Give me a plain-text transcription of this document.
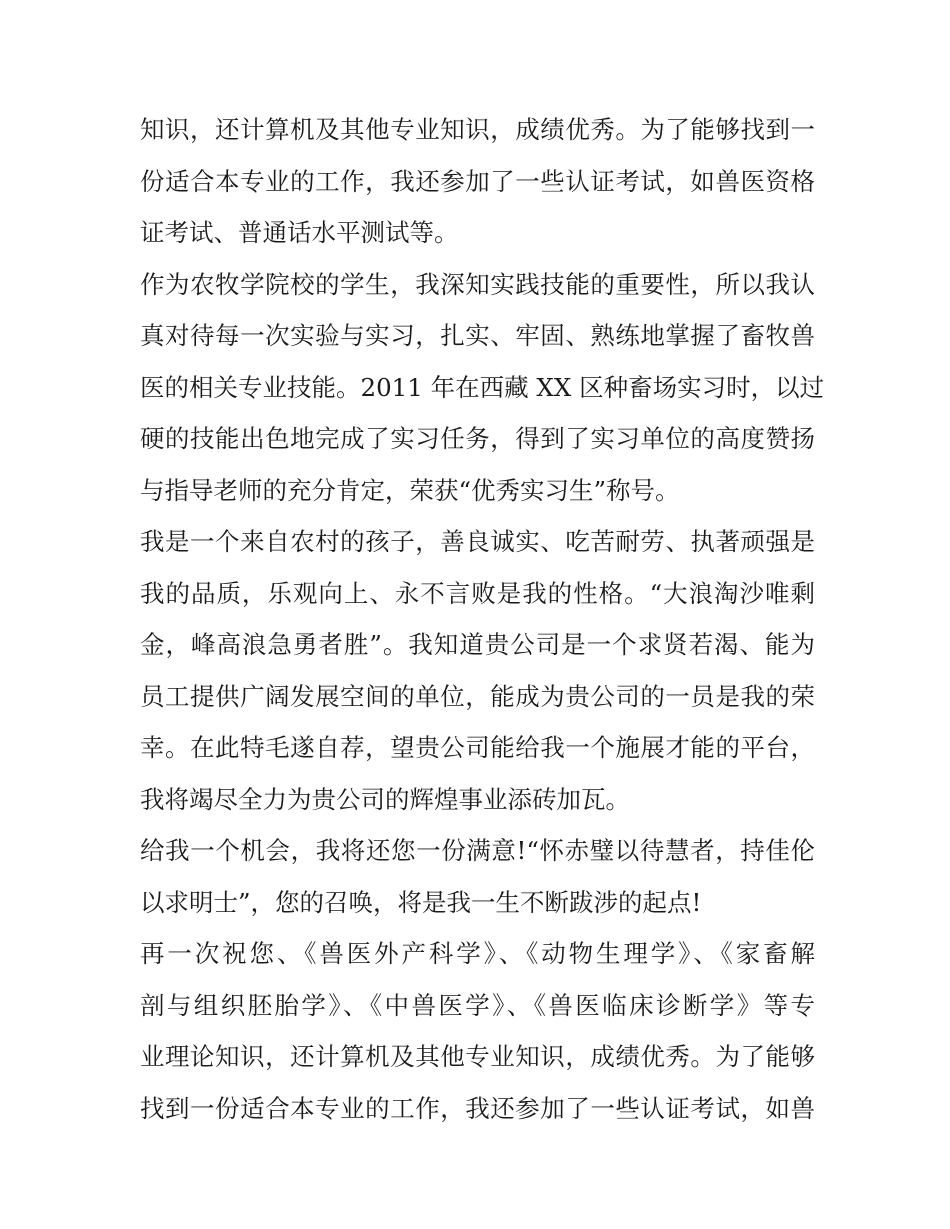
知识，还计算机及其他专业知识，成绩优秀。为了能够找到一
份适合本专业的工作，我还参加了一些认证考试，如兽医资格
证考试、普通话水平测试等。
作为农牧学院校的学生，我深知实践技能的重要性，所以我认
真对待每一次实验与实习，扎实、牢固、熟练地掌握了畜牧兽
医的相关专业技能。2011 年在西藏 XX 区种畜场实习时，以过
硬的技能出色地完成了实习任务，得到了实习单位的高度赞扬
与指导老师的充分肯定，荣获“优秀实习生”称号。
我是一个来自农村的孩子，善良诚实、吃苦耐劳、执著顽强是
我的品质，乐观向上、永不言败是我的性格。“大浪淘沙唯剩
金，峰高浪急勇者胜”。我知道贵公司是一个求贤若渴、能为
员工提供广阔发展空间的单位，能成为贵公司的一员是我的荣
幸。在此特毛遂自荐，望贵公司能给我一个施展才能的平台，
我将竭尽全力为贵公司的辉煌事业添砖加瓦。
给我一个机会，我将还您一份满意!“怀赤璧以待慧者，持佳伦
以求明士”，您的召唤，将是我一生不断跋涉的起点!
再一次祝您、《兽医外产科学》、《动物生理学》、《家畜解
剖与组织胚胎学》、《中兽医学》、《兽医临床诊断学》等专
业理论知识，还计算机及其他专业知识，成绩优秀。为了能够
找到一份适合本专业的工作，我还参加了一些认证考试，如兽
